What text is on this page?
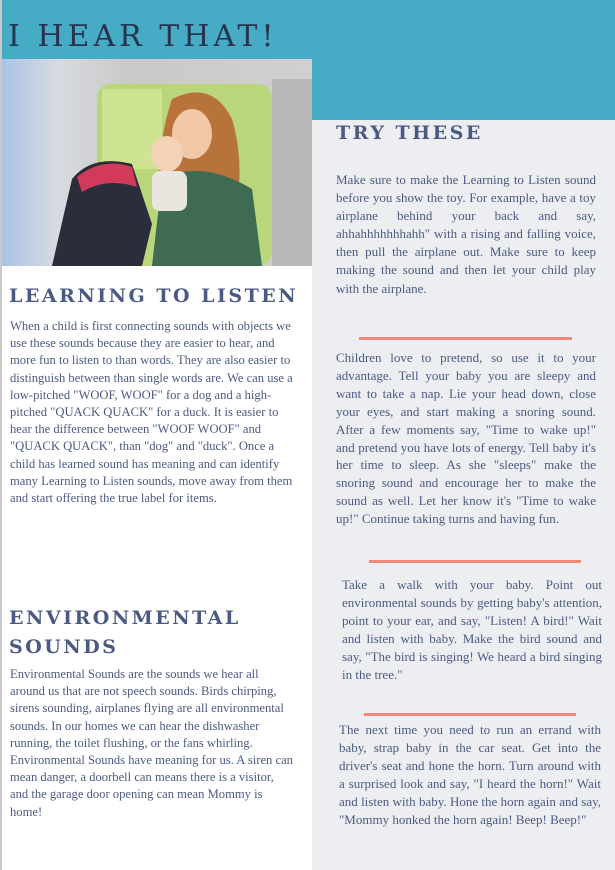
I HEAR THAT!
LEARNING TO LISTEN

When a child is first connecting sounds with objects we use these sounds because they are easier to hear, and more fun to listen to than words. They are also easier to distinguish between than single words are. We can use a low-pitched "WOOF, WOOF" for a dog and a high-pitched "QUACK QUACK" for a duck. It is easier to hear the difference between "WOOF WOOF" and "QUACK QUACK", than "dog" and "duck". Once a child has learned sound has meaning and can identify many Learning to Listen sounds, move away from them and start offering the true label for items.

ENVIRONMENTAL SOUNDS
Environmental Sounds are the sounds we hear all around us that are not speech sounds. Birds chirping, sirens sounding, airplanes flying are all environmental sounds. In our homes we can hear the dishwasher running, the toilet flushing, or the fans whirling.
Environmental Sounds have meaning for us. A siren can mean danger, a doorbell can means there is a visitor, and the garage door opening can mean Mommy is home!
TRY THESE

Make sure to make the Learning to Listen sound before you show the toy. For example, have a toy airplane behind your back and say, ahhahhhhhhhahh" with a rising and falling voice, then pull the airplane out. Make sure to keep making the sound and then let your child play with the airplane.

Children love to pretend, so use it to your advantage. Tell your baby you are sleepy and want to take a nap. Lie your head down, close your eyes, and start making a snoring sound. After a few moments say, "Time to wake up!" and pretend you have lots of energy. Tell baby it's her time to sleep. As she "sleeps" make the snoring sound and encourage her to make the sound as well. Let her know it's "Time to wake up!" Continue taking turns and having fun.

Take a walk with your baby. Point out environmental sounds by getting baby's attention, point to your ear, and say, "Listen! A bird!" Wait and listen with baby. Make the bird sound and say, "The bird is singing! We heard a bird singing in the tree."

The next time you need to run an errand with baby, strap baby in the car seat. Get into the driver's seat and hone the horn. Turn around with a surprised look and say, "I heard the horn!" Wait and listen with baby. Hone the horn again and say, "Mommy honked the horn again! Beep! Beep!"
